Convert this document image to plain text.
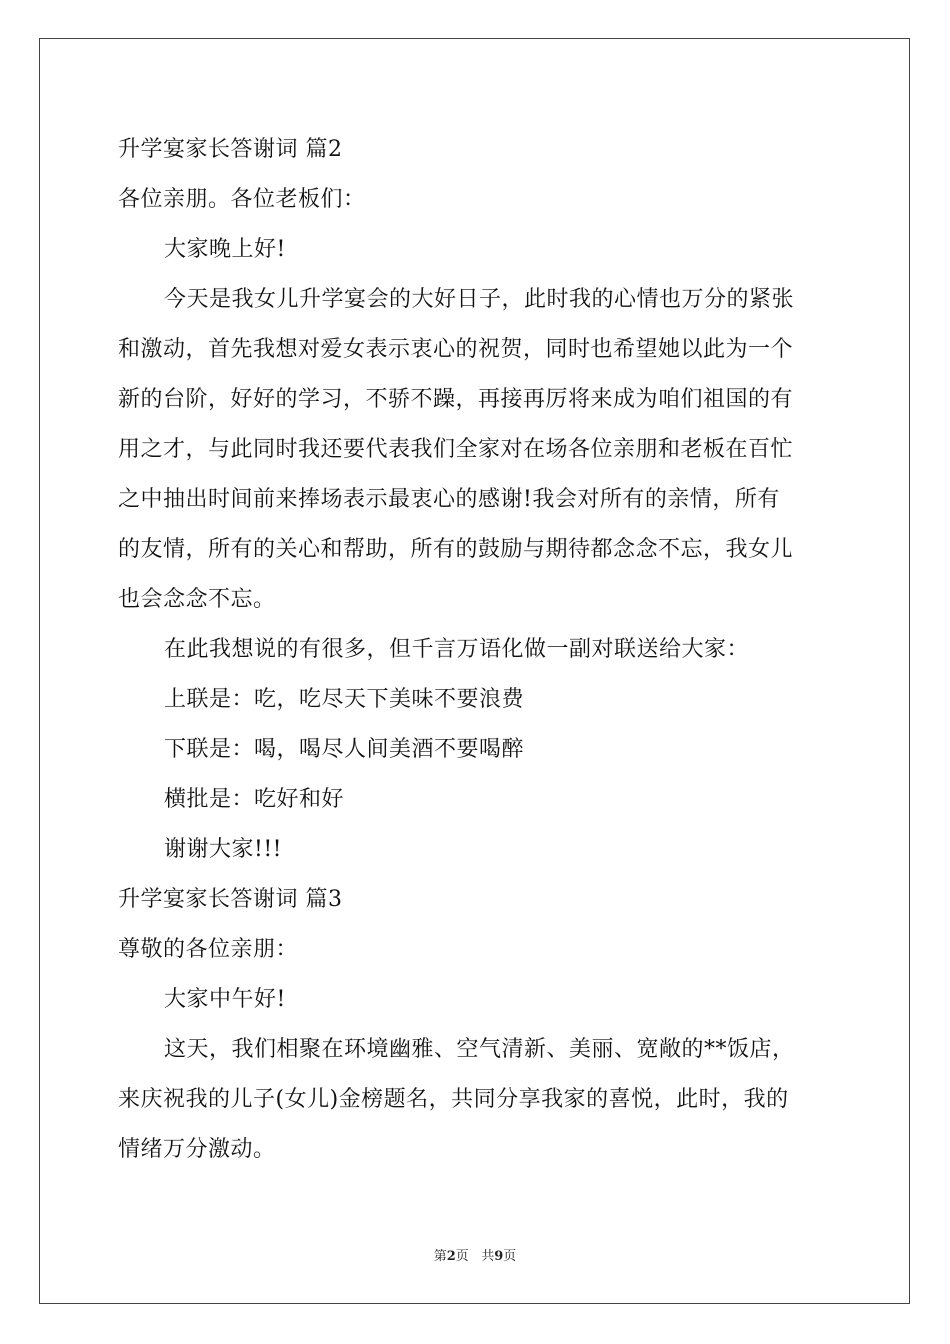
升学宴家长答谢词 篇2
各位亲朋。各位老板们：
大家晚上好!
今天是我女儿升学宴会的大好日子，此时我的心情也万分的紧张
和激动，首先我想对爱女表示衷心的祝贺，同时也希望她以此为一个
新的台阶，好好的学习，不骄不躁，再接再厉将来成为咱们祖国的有
用之才，与此同时我还要代表我们全家对在场各位亲朋和老板在百忙
之中抽出时间前来捧场表示最衷心的感谢!我会对所有的亲情，所有
的友情，所有的关心和帮助，所有的鼓励与期待都念念不忘，我女儿
也会念念不忘。
在此我想说的有很多，但千言万语化做一副对联送给大家：
上联是：吃，吃尽天下美味不要浪费
下联是：喝，喝尽人间美酒不要喝醉
横批是：吃好和好
谢谢大家!!!
升学宴家长答谢词 篇3
尊敬的各位亲朋：
大家中午好!
这天，我们相聚在环境幽雅、空气清新、美丽、宽敞的**饭店，
来庆祝我的儿子(女儿)金榜题名，共同分享我家的喜悦，此时，我的
情绪万分激动。
第2页 共9页
